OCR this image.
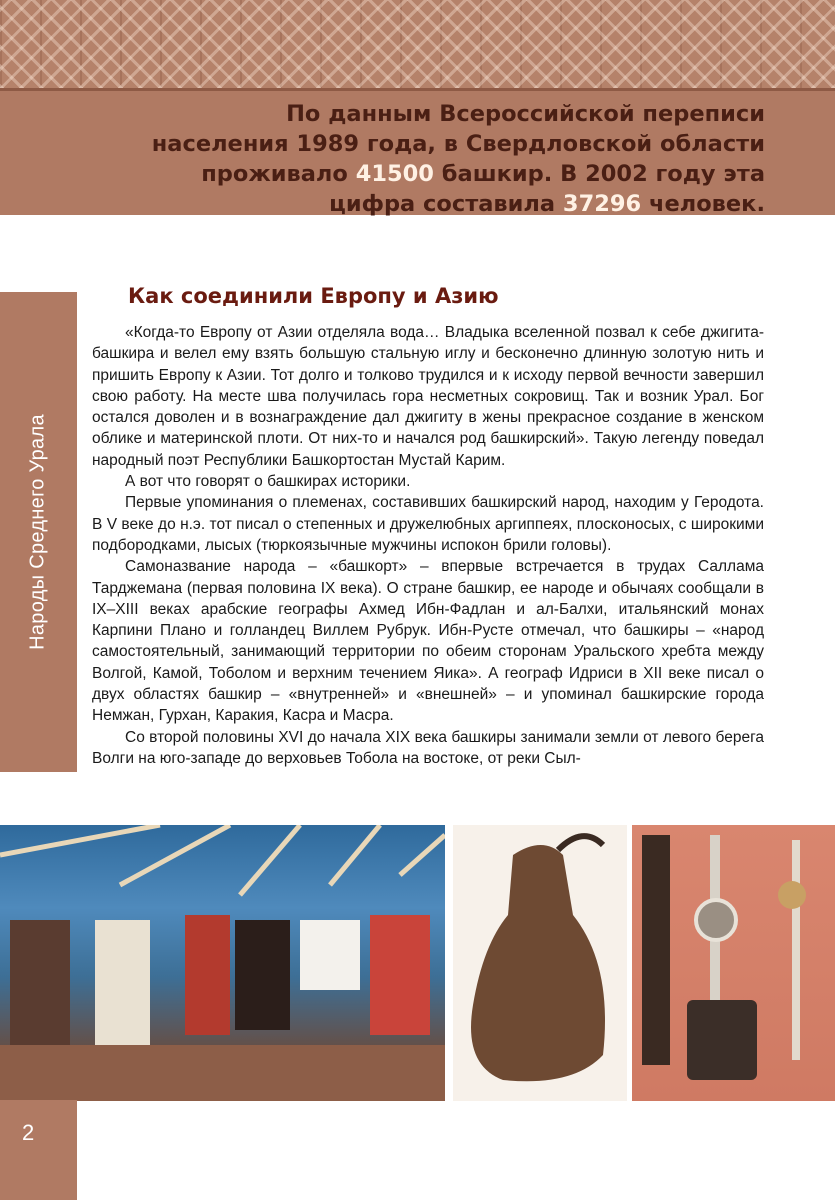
По данным Всероссийской переписи
населения 1989 года, в Свердловской области
проживало 41500 башкир. В 2002 году эта
цифра составила 37296 человек.
Народы Среднего Урала
Как соединили Европу и Азию

«Когда-то Европу от Азии отделяла вода… Владыка вселенной позвал к себе джигита-башкира и велел ему взять большую стальную иглу и бесконечно длинную золотую нить и пришить Европу к Азии. Тот долго и толково трудился и к исходу первой вечности завершил свою работу. На месте шва получилась гора несметных сокровищ. Так и возник Урал. Бог остался доволен и в вознаграждение дал джигиту в жены прекрасное создание в женском облике и материнской плоти. От них-то и начался род башкирский». Такую легенду поведал народный поэт Республики Башкортостан Мустай Карим.

А вот что говорят о башкирах историки.

Первые упоминания о племенах, составивших башкирский народ, находим у Геродота. В V веке до н.э. тот писал о степенных и дружелюбных аргиппеях, плосконосых, с широкими подбородками, лысых (тюркоязычные мужчины испокон брили головы).

Самоназвание народа – «башкорт» – впервые встречается в трудах Саллама Тарджемана (первая половина IX века). О стране башкир, ее народе и обычаях сообщали в IX–XIII веках арабские географы Ахмед Ибн-Фадлан и ал-Балхи, итальянский монах Карпини Плано и голландец Виллем Рубрук. Ибн-Русте отмечал, что башкиры – «народ самостоятельный, занимающий территории по обеим сторонам Уральского хребта между Волгой, Камой, Тоболом и верхним течением Яика». А географ Идриси в XII веке писал о двух областях башкир – «внутренней» и «внешней» – и упоминал башкирские города Немжан, Гурхан, Каракия, Касра и Масра.

Со второй половины XVI до начала XIX века башкиры занимали земли от левого берега Волги на юго-западе до верховьев Тобола на востоке, от реки Сыл-

2
